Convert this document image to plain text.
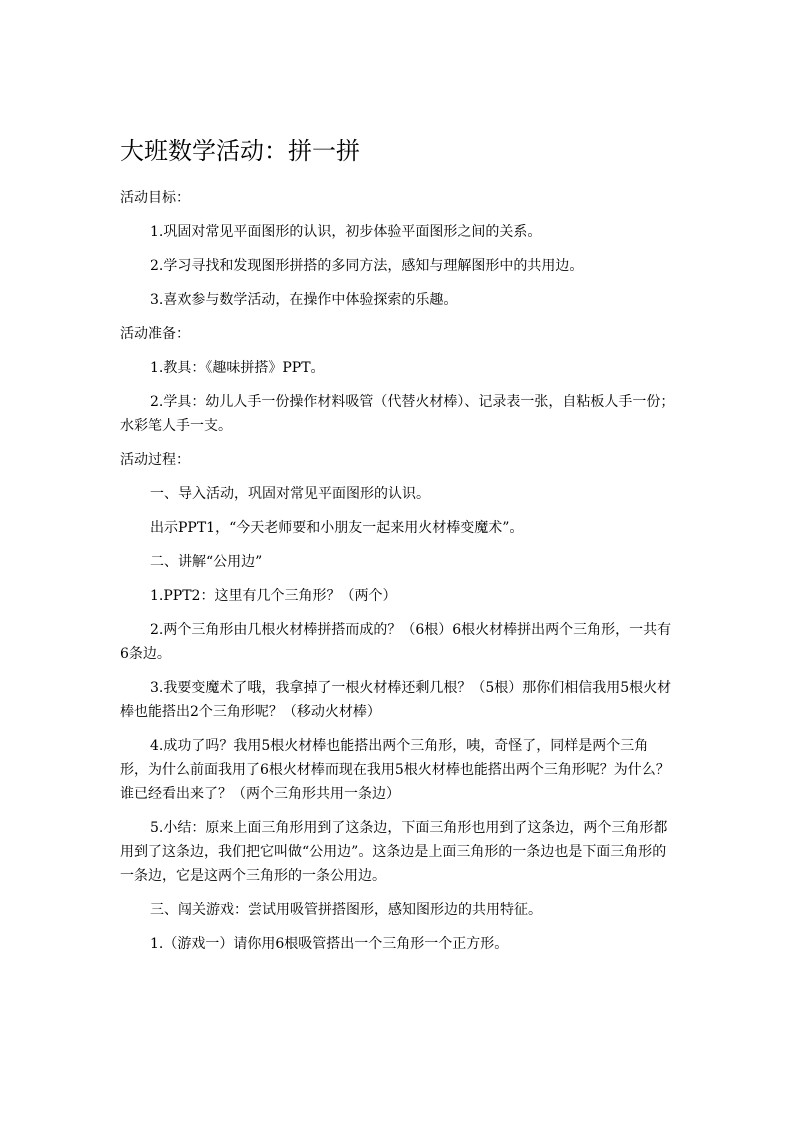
大班数学活动：拼一拼

活动目标：

1.巩固对常见平面图形的认识，初步体验平面图形之间的关系。

2.学习寻找和发现图形拼搭的多同方法，感知与理解图形中的共用边。

3.喜欢参与数学活动，在操作中体验探索的乐趣。

活动准备：

1.教具：《趣味拼搭》PPT。

2.学具：幼儿人手一份操作材料吸管（代替火材棒）、记录表一张，自粘板人手一份；水彩笔人手一支。

活动过程：

一、导入活动，巩固对常见平面图形的认识。

出示PPT1，“今天老师要和小朋友一起来用火材棒变魔术”。

二、讲解“公用边”

1.PPT2：这里有几个三角形？（两个）

2.两个三角形由几根火材棒拼搭而成的？（6根）6根火材棒拼出两个三角形，一共有6条边。

3.我要变魔术了哦，我拿掉了一根火材棒还剩几根？（5根）那你们相信我用5根火材棒也能搭出2个三角形呢？（移动火材棒）

4.成功了吗？我用5根火材棒也能搭出两个三角形，咦，奇怪了，同样是两个三角形，为什么前面我用了6根火材棒而现在我用5根火材棒也能搭出两个三角形呢？为什么？谁已经看出来了？（两个三角形共用一条边）

5.小结：原来上面三角形用到了这条边，下面三角形也用到了这条边，两个三角形都用到了这条边，我们把它叫做“公用边”。这条边是上面三角形的一条边也是下面三角形的一条边，它是这两个三角形的一条公用边。

三、闯关游戏：尝试用吸管拼搭图形，感知图形边的共用特征。

1.（游戏一）请你用6根吸管搭出一个三角形一个正方形。
